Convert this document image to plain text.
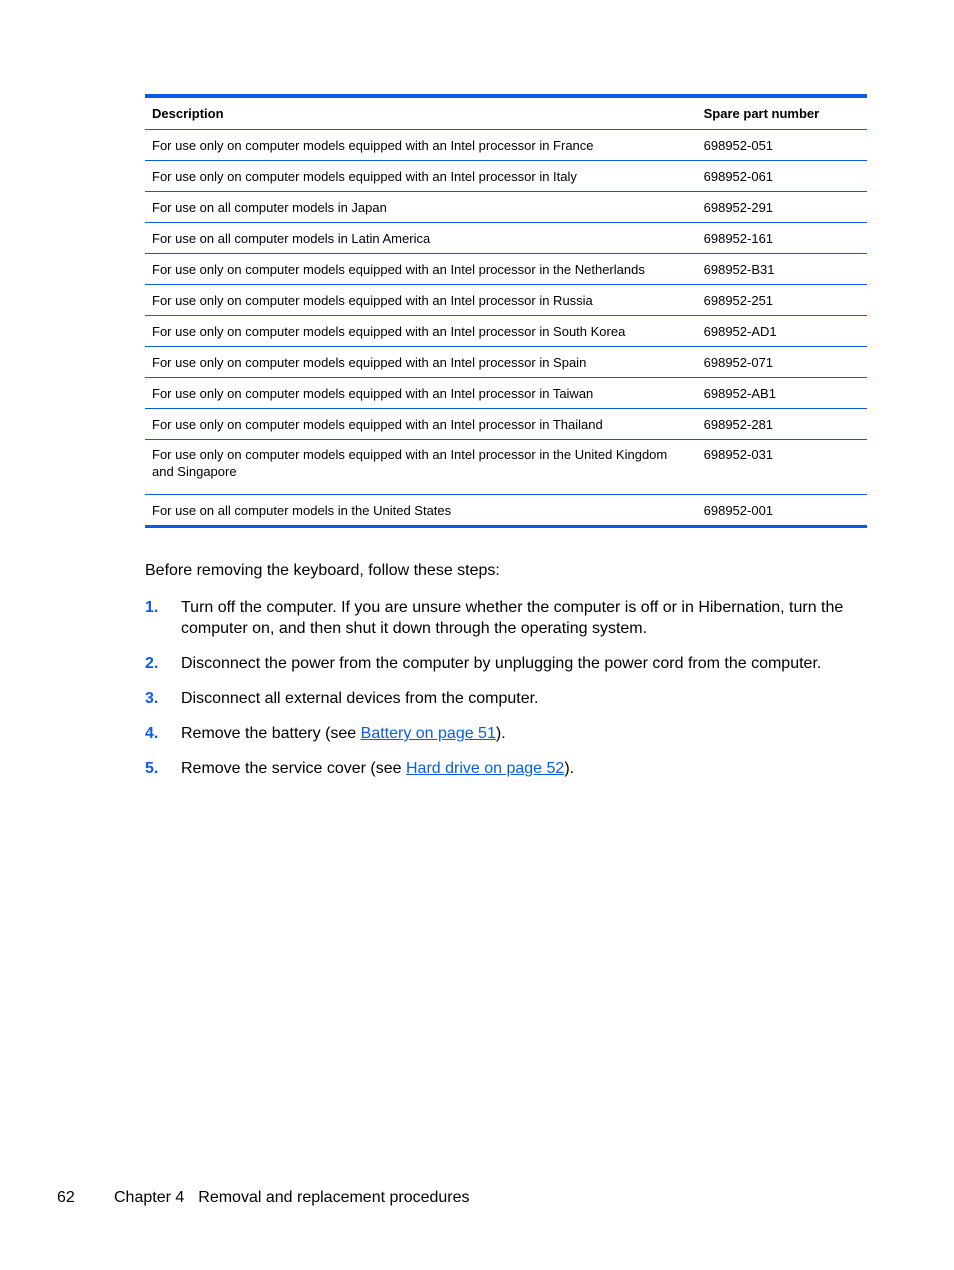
Description	Spare part number
For use only on computer models equipped with an Intel processor in France	698952-051
For use only on computer models equipped with an Intel processor in Italy	698952-061
For use on all computer models in Japan	698952-291
For use on all computer models in Latin America	698952-161
For use only on computer models equipped with an Intel processor in the Netherlands	698952-B31
For use only on computer models equipped with an Intel processor in Russia	698952-251
For use only on computer models equipped with an Intel processor in South Korea	698952-AD1
For use only on computer models equipped with an Intel processor in Spain	698952-071
For use only on computer models equipped with an Intel processor in Taiwan	698952-AB1
For use only on computer models equipped with an Intel processor in Thailand	698952-281
For use only on computer models equipped with an Intel processor in the United Kingdom and Singapore	698952-031
For use on all computer models in the United States	698952-001

Before removing the keyboard, follow these steps:

1.	Turn off the computer. If you are unsure whether the computer is off or in Hibernation, turn the computer on, and then shut it down through the operating system.
2.	Disconnect the power from the computer by unplugging the power cord from the computer.
3.	Disconnect all external devices from the computer.
4.	Remove the battery (see Battery on page 51).
5.	Remove the service cover (see Hard drive on page 52).
62	Chapter 4 Removal and replacement procedures
